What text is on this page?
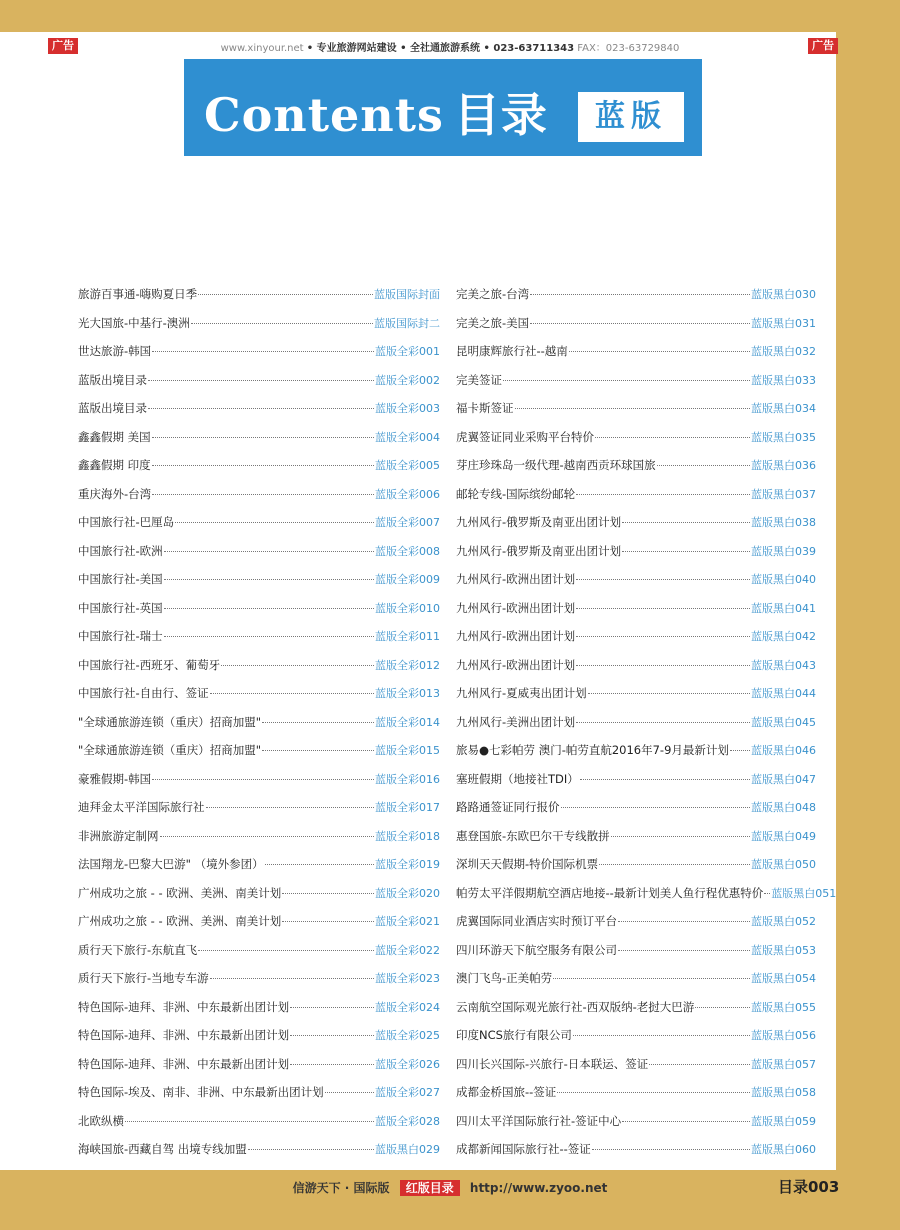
广告	www.xinyour.net • 专业旅游网站建设 • 全社通旅游系统 • 023-63711343 FAX：023-63729840	广告
Contents 目录	蓝版
旅游百事通-嗨购夏日季	蓝版国际封面
光大国旅-中基行-澳洲	蓝版国际封二
世达旅游-韩国	蓝版全彩001
蓝版出境目录	蓝版全彩002
蓝版出境目录	蓝版全彩003
鑫鑫假期 美国	蓝版全彩004
鑫鑫假期 印度	蓝版全彩005
重庆海外-台湾	蓝版全彩006
中国旅行社-巴厘岛	蓝版全彩007
中国旅行社-欧洲	蓝版全彩008
中国旅行社-美国	蓝版全彩009
中国旅行社-英国	蓝版全彩010
中国旅行社-瑞士	蓝版全彩011
中国旅行社-西班牙、葡萄牙	蓝版全彩012
中国旅行社-自由行、签证	蓝版全彩013
"全球通旅游连锁（重庆）招商加盟"	蓝版全彩014
"全球通旅游连锁（重庆）招商加盟"	蓝版全彩015
豪雅假期-韩国	蓝版全彩016
迪拜金太平洋国际旅行社	蓝版全彩017
非洲旅游定制网	蓝版全彩018
法国翔龙-巴黎大巴游" （境外参团）	蓝版全彩019
广州成功之旅 - - 欧洲、美洲、南美计划	蓝版全彩020
广州成功之旅 - - 欧洲、美洲、南美计划	蓝版全彩021
质行天下旅行-东航直飞	蓝版全彩022
质行天下旅行-当地专车游	蓝版全彩023
特色国际-迪拜、非洲、中东最新出团计划	蓝版全彩024
特色国际-迪拜、非洲、中东最新出团计划	蓝版全彩025
特色国际-迪拜、非洲、中东最新出团计划	蓝版全彩026
特色国际-埃及、南非、非洲、中东最新出团计划	蓝版全彩027
北欧纵横	蓝版全彩028
海峡国旅-西藏自驾 出境专线加盟	蓝版黑白029
完美之旅-台湾	蓝版黑白030
完美之旅-美国	蓝版黑白031
昆明康辉旅行社--越南	蓝版黑白032
完美签证	蓝版黑白033
福卡斯签证	蓝版黑白034
虎翼签证同业采购平台特价	蓝版黑白035
芽庄珍珠岛一级代理-越南西贡环球国旅	蓝版黑白036
邮轮专线-国际缤纷邮轮	蓝版黑白037
九州风行-俄罗斯及南亚出团计划	蓝版黑白038
九州风行-俄罗斯及南亚出团计划	蓝版黑白039
九州风行-欧洲出团计划	蓝版黑白040
九州风行-欧洲出团计划	蓝版黑白041
九州风行-欧洲出团计划	蓝版黑白042
九州风行-欧洲出团计划	蓝版黑白043
九州风行-夏威夷出团计划	蓝版黑白044
九州风行-美洲出团计划	蓝版黑白045
旅易●七彩帕劳 澳门-帕劳直航2016年7-9月最新计划 蓝版黑白046
塞班假期（地接社TDI）	蓝版黑白047
路路通签证同行报价	蓝版黑白048
惠登国旅-东欧巴尔干专线散拼	蓝版黑白049
深圳天天假期-特价国际机票	蓝版黑白050
帕劳太平洋假期航空酒店地接--最新计划美人鱼行程优惠特价 蓝版黑白051
虎翼国际同业酒店实时预订平台	蓝版黑白052
四川环游天下航空服务有限公司	蓝版黑白053
澳门飞鸟-正美帕劳	蓝版黑白054
云南航空国际观光旅行社-西双版纳-老挝大巴游	蓝版黑白055
印度NCS旅行有限公司	蓝版黑白056
四川长兴国际-兴旅行-日本联运、签证	蓝版黑白057
成都金桥国旅--签证	蓝版黑白058
四川太平洋国际旅行社-签证中心	蓝版黑白059
成都新闻国际旅行社--签证	蓝版黑白060
信游天下 · 国际版 红版目录 http://www.zyoo.net	目录003
